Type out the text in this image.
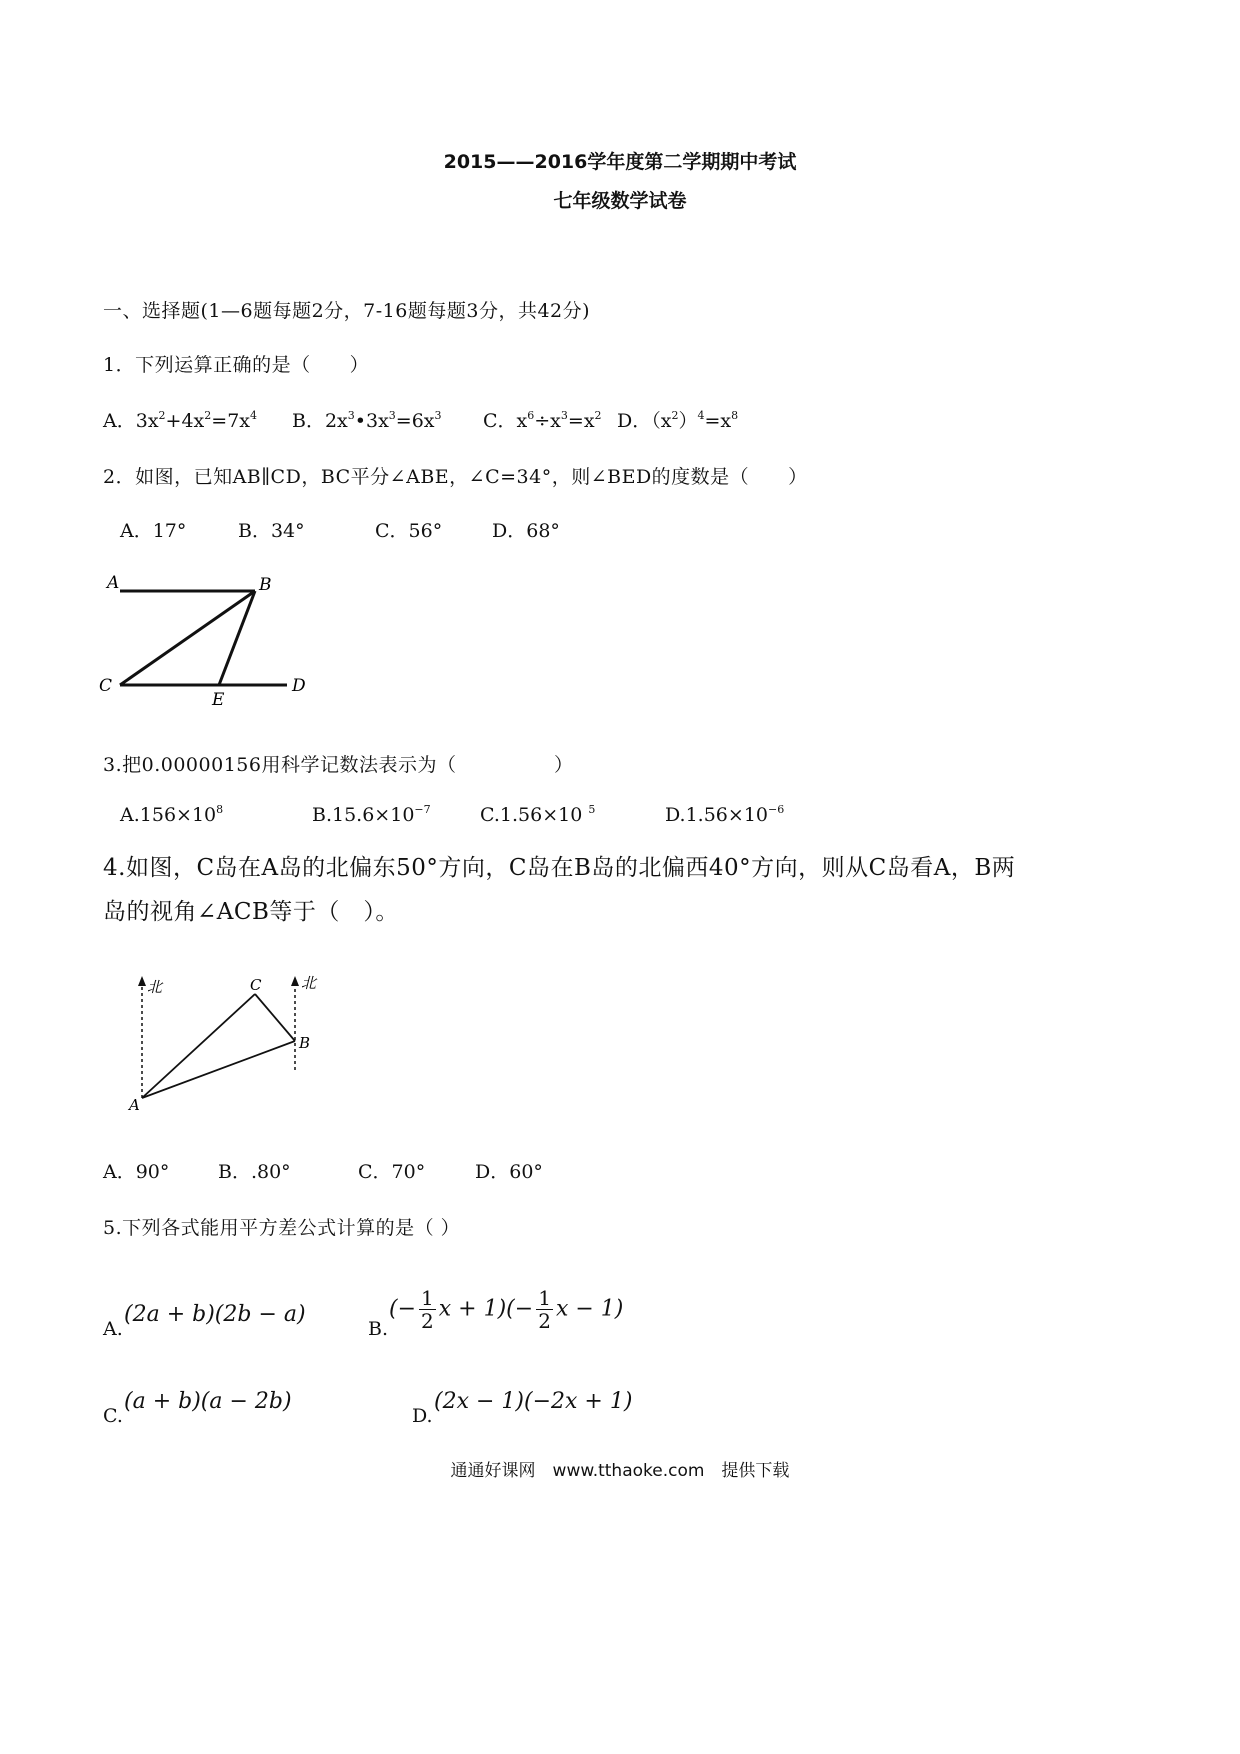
2015——2016学年度第二学期期中考试
七年级数学试卷
一、选择题(1—6题每题2分，7-16题每题3分，共42分)
1．下列运算正确的是（　　）
A．$3x^2+4x^2=7x^4$ B．$2x^3•3x^3=6x^3$ C．$x^6\div x^3=x^2$ D．$(x^2)^4=x^8$
2．如图，已知AB∥CD，BC平分∠ABE，∠C=34°，则∠BED的度数是（　　）
A．17°	B．34°	C．56°	D．68°
A	B
C	D
E
3.把0.00000156用科学记数法表示为（　　　　　）
$A.156\times 10^8$	$B.15.6\times 10^{-7}$	C.1.56×10 $^5$	$D.1.56\times 10^{-6}$
4.如图，C岛在A岛的北偏东50°方向，C岛在B岛的北偏西40°方向，则从C岛看A，B两
岛的视角∠ACB等于（　）。
北	北
C
B
A
A．90°	B．.80°	C．70°	D．60°
5.下列各式能用平方差公式计算的是（ ）
A.
(2a + b)(2b − a)
B.
(− $\frac{1}{2}$ $x + 1)(- \frac{1}{2}$ x − 1)
C.
(a + b)(a − 2b)
D.
(2x − 1)(−2x + 1)
通通好课网　www.tthaoke.com　提供下载
